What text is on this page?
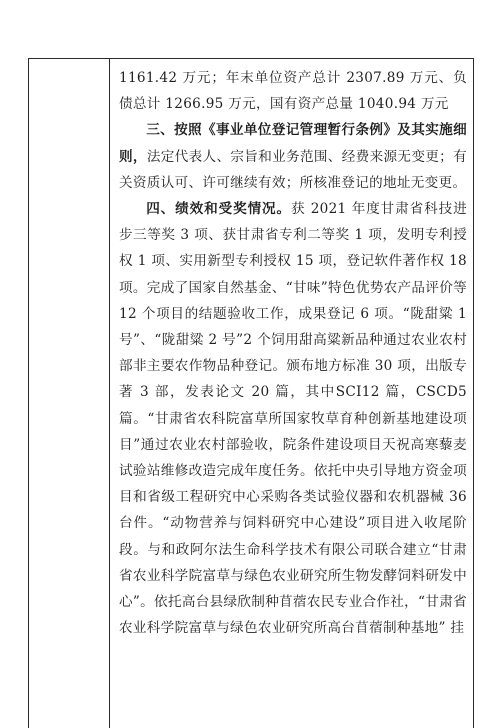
1161.42 万元；年末单位资产总计 2307.89 万元、负债总计 1266.95 万元，国有资产总量 1040.94 万元

三、按照《事业单位登记管理暂行条例》及其实施细则，法定代表人、宗旨和业务范围、经费来源无变更；有关资质认可、许可继续有效；所核准登记的地址无变更。

四、绩效和受奖情况。获 2021 年度甘肃省科技进步三等奖 3 项、获甘肃省专利二等奖 1 项，发明专利授权 1 项、实用新型专利授权 15 项，登记软件著作权 18 项。完成了国家自然基金、“甘味”特色优势农产品评价等 12 个项目的结题验收工作，成果登记 6 项。“陇甜粱 1 号”、“陇甜粱 2 号”2 个饲用甜高粱新品种通过农业农村部非主要农作物品种登记。颁布地方标准 30 项，出版专著 3 部，发表论文 20 篇，其中SCI12 篇，CSCD5 篇。“甘肃省农科院富草所国家牧草育种创新基地建设项目”通过农业农村部验收，院条件建设项目天祝高寒藜麦试验站维修改造完成年度任务。依托中央引导地方资金项目和省级工程研究中心采购各类试验仪器和农机器械 36 台件。“动物营养与饲料研究中心建设”项目进入收尾阶段。与和政阿尔法生命科学技术有限公司联合建立“甘肃省农业科学院富草与绿色农业研究所生物发酵饲料研发中心”。依托高台县绿欣制种苜蓿农民专业合作社，“甘肃省农业科学院富草与绿色农业研究所高台苜蓿制种基地” 挂
